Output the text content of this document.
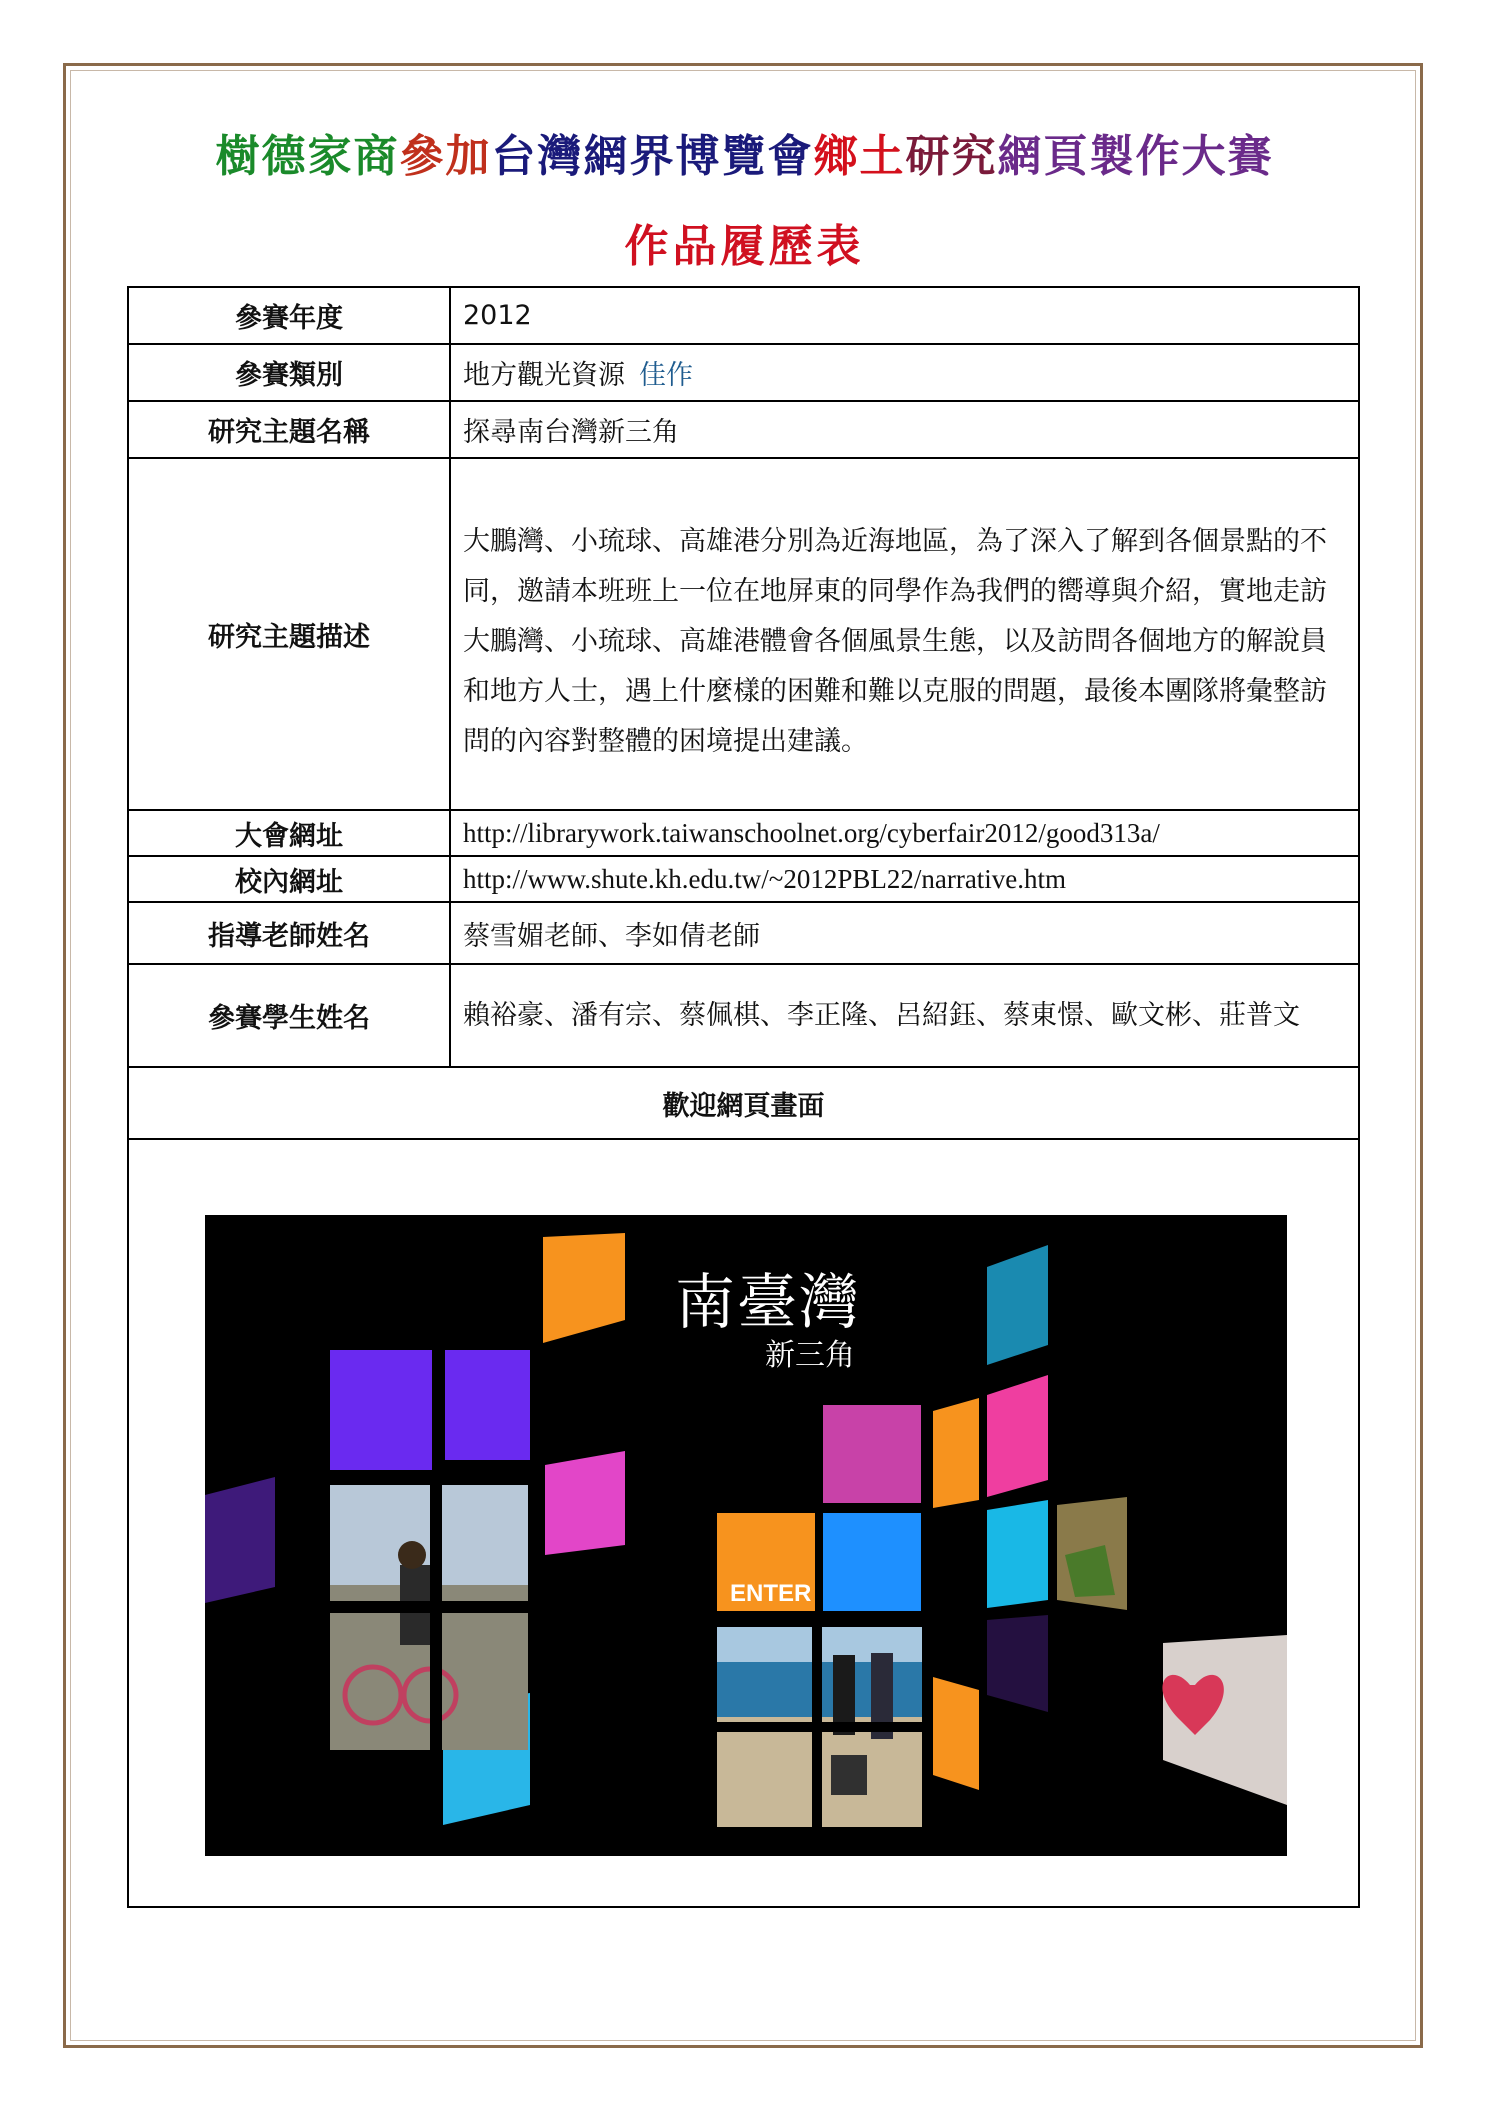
樹德家商參加台灣網界博覽會鄉土研究網頁製作大賽
作品履歷表
參賽年度	2012
參賽類別	地方觀光資源 佳作
研究主題名稱	探尋南台灣新三角
研究主題描述	大鵬灣、小琉球、高雄港分別為近海地區，為了深入了解到各個景點的不同，邀請本班班上一位在地屏東的同學作為我們的嚮導與介紹，實地走訪大鵬灣、小琉球、高雄港體會各個風景生態，以及訪問各個地方的解說員和地方人士，遇上什麼樣的困難和難以克服的問題，最後本團隊將彙整訪問的內容對整體的困境提出建議。
大會網址	http://librarywork.taiwanschoolnet.org/cyberfair2012/good313a/
校內網址	http://www.shute.kh.edu.tw/~2012PBL22/narrative.htm
指導老師姓名	蔡雪媚老師、李如倩老師
參賽學生姓名	賴裕豪、潘有宗、蔡佩棋、李正隆、呂紹鈺、蔡東憬、歐文彬、莊普文
歡迎網頁畫面	

南臺灣
新三角
ENTER
